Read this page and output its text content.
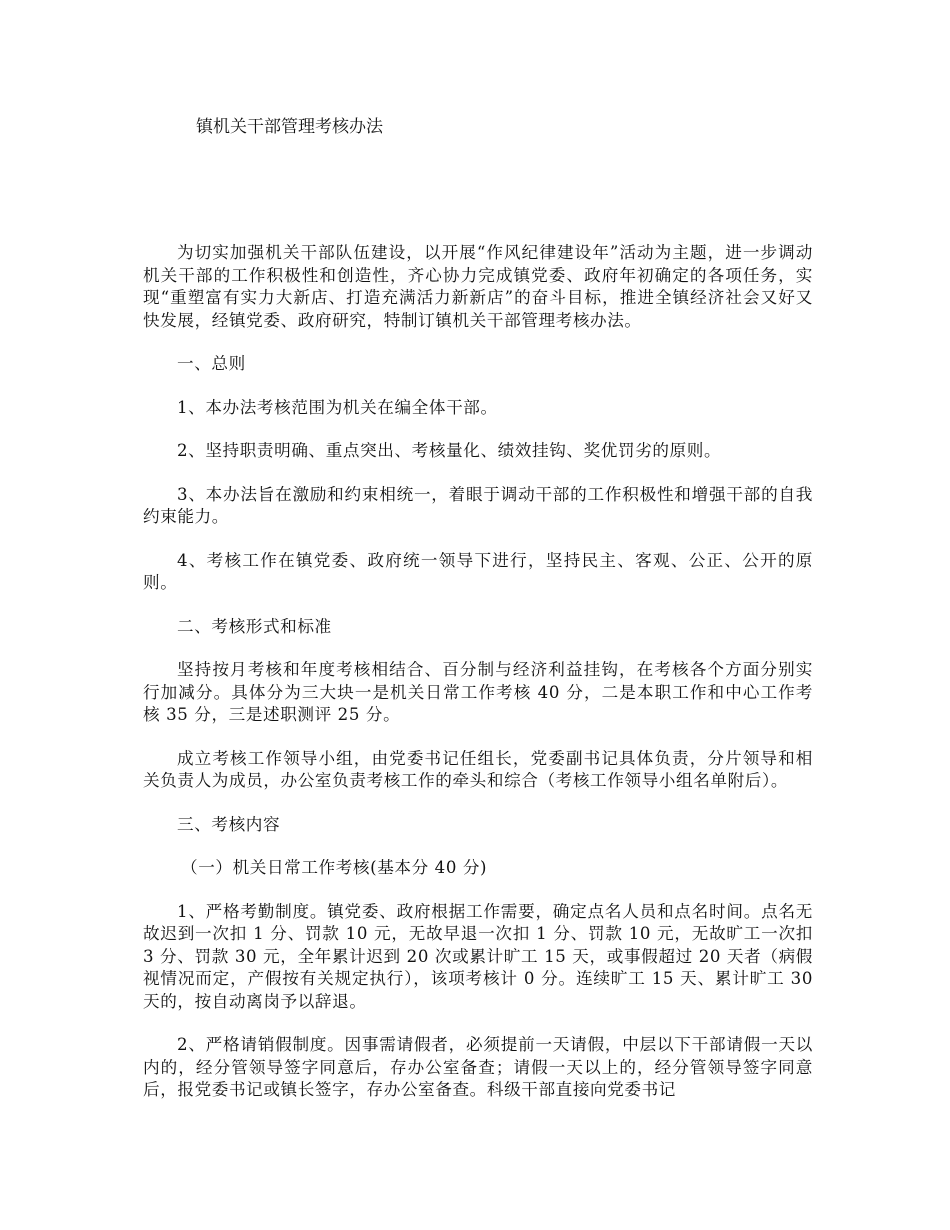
镇机关干部管理考核办法

为切实加强机关干部队伍建设，以开展“作风纪律建设年”活动为主题，进一步调动机关干部的工作积极性和创造性，齐心协力完成镇党委、政府年初确定的各项任务，实现“重塑富有实力大新店、打造充满活力新新店”的奋斗目标，推进全镇经济社会又好又快发展，经镇党委、政府研究，特制订镇机关干部管理考核办法。

一、总则

1、本办法考核范围为机关在编全体干部。

2、坚持职责明确、重点突出、考核量化、绩效挂钩、奖优罚劣的原则。

3、本办法旨在激励和约束相统一，着眼于调动干部的工作积极性和增强干部的自我约束能力。

4、考核工作在镇党委、政府统一领导下进行，坚持民主、客观、公正、公开的原则。

二、考核形式和标准

坚持按月考核和年度考核相结合、百分制与经济利益挂钩，在考核各个方面分别实行加减分。具体分为三大块一是机关日常工作考核 40 分，二是本职工作和中心工作考核 35 分，三是述职测评 25 分。

成立考核工作领导小组，由党委书记任组长，党委副书记具体负责，分片领导和相关负责人为成员，办公室负责考核工作的牵头和综合（考核工作领导小组名单附后）。

三、考核内容

（一）机关日常工作考核(基本分 40 分)

1、严格考勤制度。镇党委、政府根据工作需要，确定点名人员和点名时间。点名无故迟到一次扣 1 分、罚款 10 元，无故早退一次扣 1 分、罚款 10 元，无故旷工一次扣 3 分、罚款 30 元，全年累计迟到 20 次或累计旷工 15 天，或事假超过 20 天者（病假视情况而定，产假按有关规定执行），该项考核计 0 分。连续旷工 15 天、累计旷工 30 天的，按自动离岗予以辞退。

2、严格请销假制度。因事需请假者，必须提前一天请假，中层以下干部请假一天以内的，经分管领导签字同意后，存办公室备查；请假一天以上的，经分管领导签字同意后，报党委书记或镇长签字，存办公室备查。科级干部直接向党委书记
